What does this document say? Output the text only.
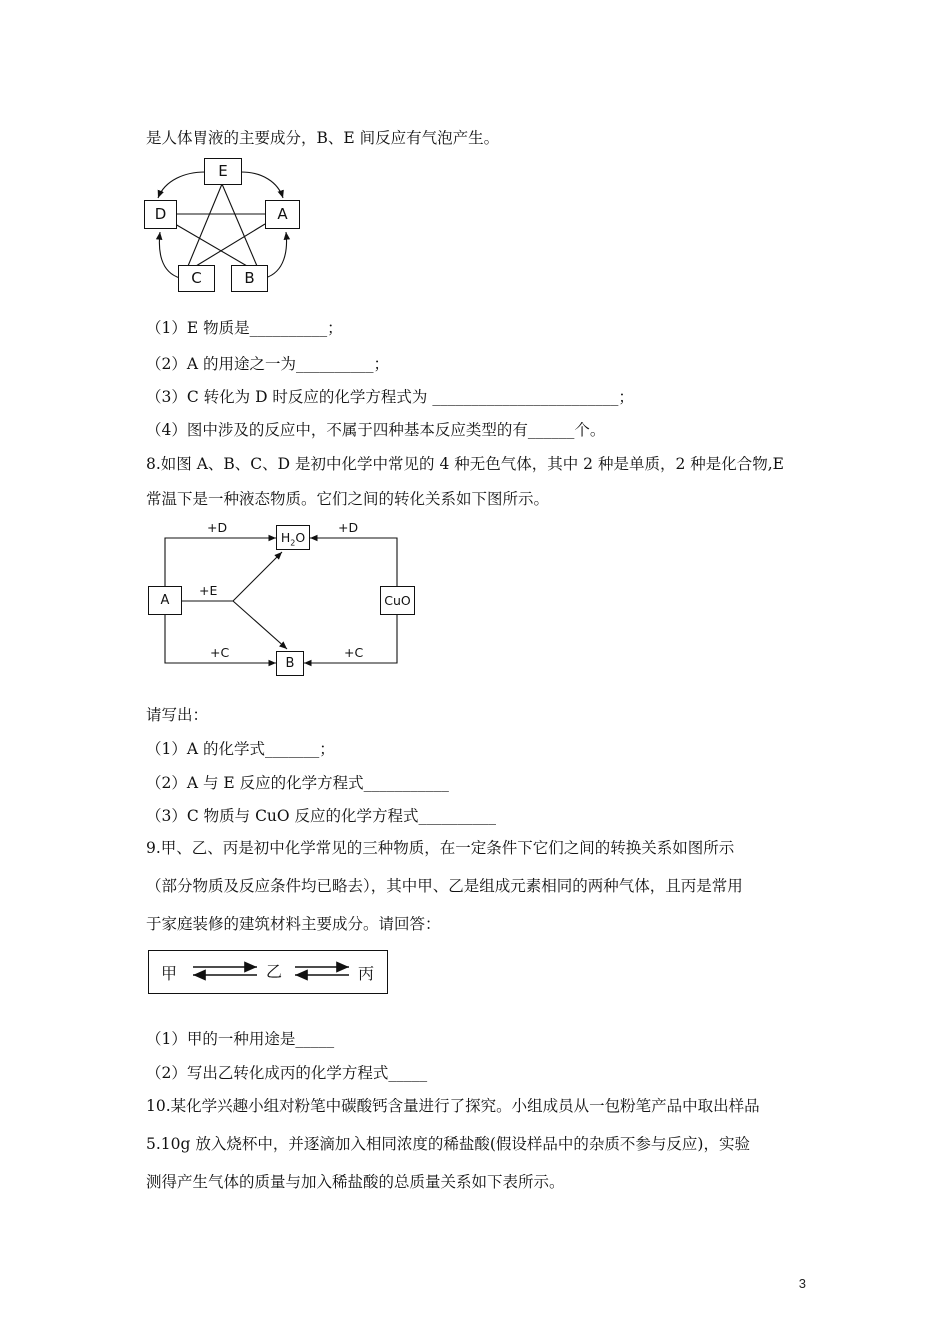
是人体胃液的主要成分，B、E 间反应有气泡产生。
E
D	A
C	B
（1）E 物质是__________；
（2）A 的用途之一为__________；
（3）C 转化为 D 时反应的化学方程式为 ________________________；
（4）图中涉及的反应中，不属于四种基本反应类型的有______个。
8.如图 A、B、C、D 是初中化学中常见的 4 种无色气体，其中 2 种是单质，2 种是化合物,E
常温下是一种液态物质。它们之间的转化关系如下图所示。
A
$H_2O$
B
CuO
+D	+D
+E
+C	+C
请写出：
（1）A 的化学式_______；
（2）A 与 E 反应的化学方程式___________
（3）C 物质与 CuO 反应的化学方程式__________
9.甲、乙、丙是初中化学常见的三种物质，在一定条件下它们之间的转换关系如图所示
（部分物质及反应条件均已略去），其中甲、乙是组成元素相同的两种气体，且丙是常用
于家庭装修的建筑材料主要成分。请回答：
甲	乙	丙
（1）甲的一种用途是_____
（2）写出乙转化成丙的化学方程式_____
10.某化学兴趣小组对粉笔中碳酸钙含量进行了探究。小组成员从一包粉笔产品中取出样品
5.10g 放入烧杯中，并逐滴加入相同浓度的稀盐酸(假设样品中的杂质不参与反应)，实验
测得产生气体的质量与加入稀盐酸的总质量关系如下表所示。
3
